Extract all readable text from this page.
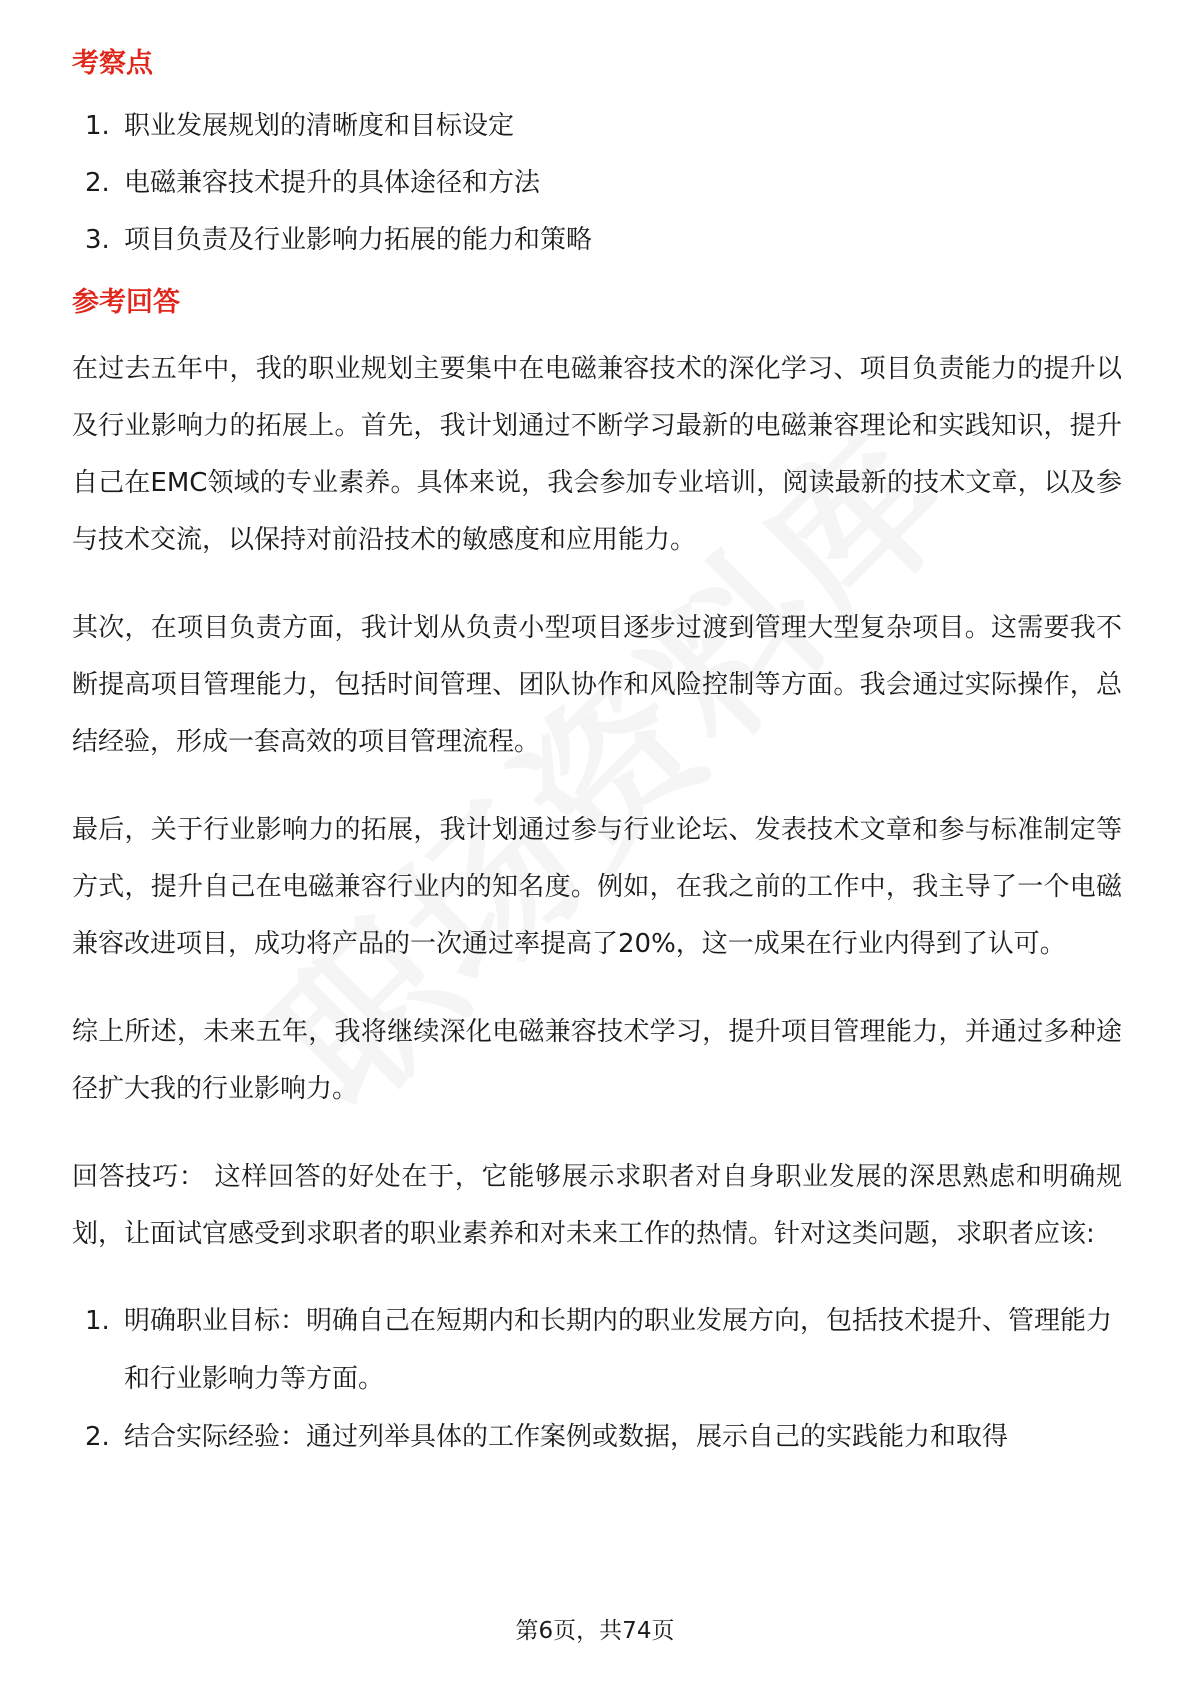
考察点
1. 职业发展规划的清晰度和目标设定
2. 电磁兼容技术提升的具体途径和方法
3. 项目负责及行业影响力拓展的能力和策略
参考回答

在过去五年中，我的职业规划主要集中在电磁兼容技术的深化学习、项目负责能力的提升以及行业影响力的拓展上。首先，我计划通过不断学习最新的电磁兼容理论和实践知识，提升自己在EMC领域的专业素养。具体来说，我会参加专业培训，阅读最新的技术文章，以及参与技术交流，以保持对前沿技术的敏感度和应用能力。

其次，在项目负责方面，我计划从负责小型项目逐步过渡到管理大型复杂项目。这需要我不断提高项目管理能力，包括时间管理、团队协作和风险控制等方面。我会通过实际操作，总结经验，形成一套高效的项目管理流程。

最后，关于行业影响力的拓展，我计划通过参与行业论坛、发表技术文章和参与标准制定等方式，提升自己在电磁兼容行业内的知名度。例如，在我之前的工作中，我主导了一个电磁兼容改进项目，成功将产品的一次通过率提高了20%，这一成果在行业内得到了认可。

综上所述，未来五年，我将继续深化电磁兼容技术学习，提升项目管理能力，并通过多种途径扩大我的行业影响力。

回答技巧： 这样回答的好处在于，它能够展示求职者对自身职业发展的深思熟虑和明确规划，让面试官感受到求职者的职业素养和对未来工作的热情。针对这类问题，求职者应该:

1. 明确职业目标：明确自己在短期内和长期内的职业发展方向，包括技术提升、管理能力和行业影响力等方面。
2. 结合实际经验：通过列举具体的工作案例或数据，展示自己的实践能力和取得
第6页，共74页
